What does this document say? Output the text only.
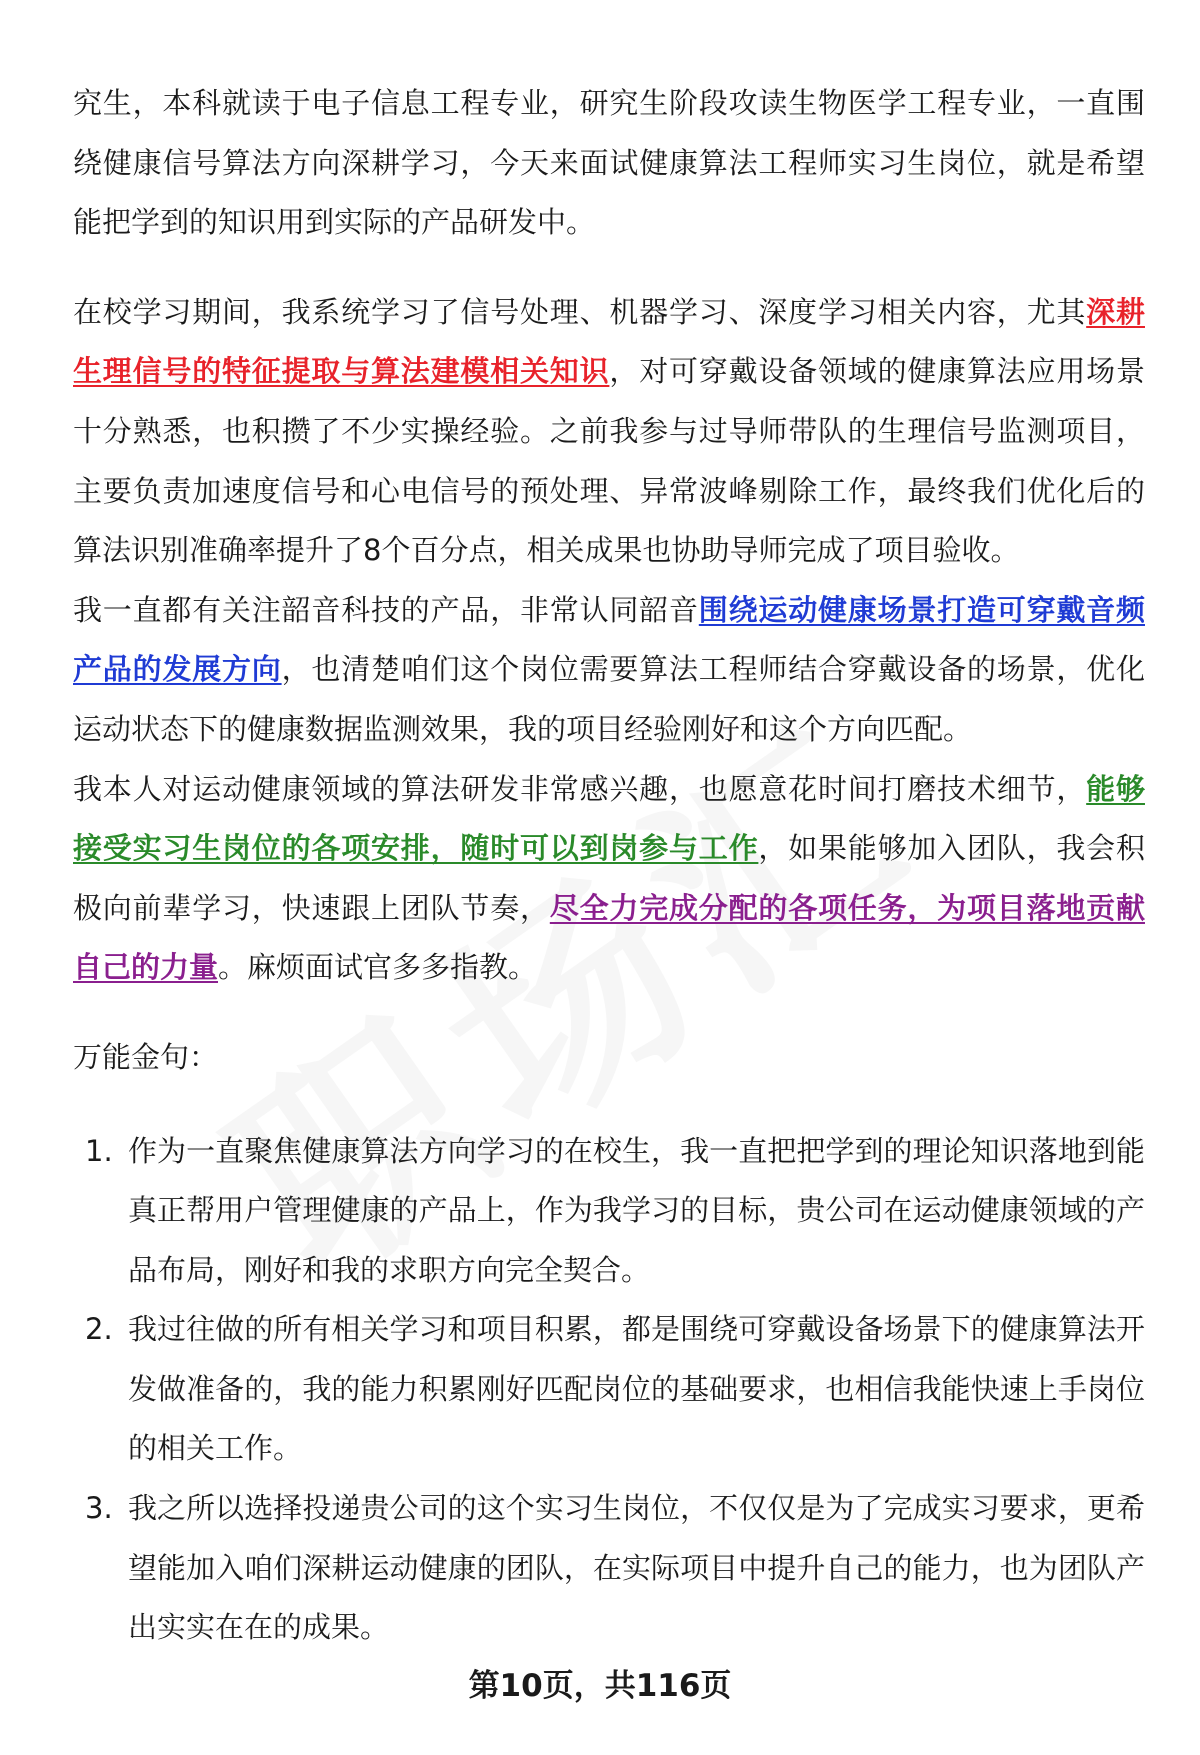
究生，本科就读于电子信息工程专业，研究生阶段攻读生物医学工程专业，一直围绕健康信号算法方向深耕学习，今天来面试健康算法工程师实习生岗位，就是希望能把学到的知识用到实际的产品研发中。

在校学习期间，我系统学习了信号处理、机器学习、深度学习相关内容，尤其深耕生理信号的特征提取与算法建模相关知识，对可穿戴设备领域的健康算法应用场景十分熟悉，也积攒了不少实操经验。之前我参与过导师带队的生理信号监测项目，主要负责加速度信号和心电信号的预处理、异常波峰剔除工作，最终我们优化后的算法识别准确率提升了8个百分点，相关成果也协助导师完成了项目验收。

我一直都有关注韶音科技的产品，非常认同韶音围绕运动健康场景打造可穿戴音频产品的发展方向，也清楚咱们这个岗位需要算法工程师结合穿戴设备的场景，优化运动状态下的健康数据监测效果，我的项目经验刚好和这个方向匹配。

我本人对运动健康领域的算法研发非常感兴趣，也愿意花时间打磨技术细节，能够接受实习生岗位的各项安排，随时可以到岗参与工作，如果能够加入团队，我会积极向前辈学习，快速跟上团队节奏，尽全力完成分配的各项任务，为项目落地贡献自己的力量。麻烦面试官多多指教。

万能金句：

1. 作为一直聚焦健康算法方向学习的在校生，我一直把把学到的理论知识落地到能真正帮用户管理健康的产品上，作为我学习的目标，贵公司在运动健康领域的产品布局，刚好和我的求职方向完全契合。
2. 我过往做的所有相关学习和项目积累，都是围绕可穿戴设备场景下的健康算法开发做准备的，我的能力积累刚好匹配岗位的基础要求，也相信我能快速上手岗位的相关工作。
3. 我之所以选择投递贵公司的这个实习生岗位，不仅仅是为了完成实习要求，更希望能加入咱们深耕运动健康的团队，在实际项目中提升自己的能力，也为团队产出实实在在的成果。
第10页，共116页
